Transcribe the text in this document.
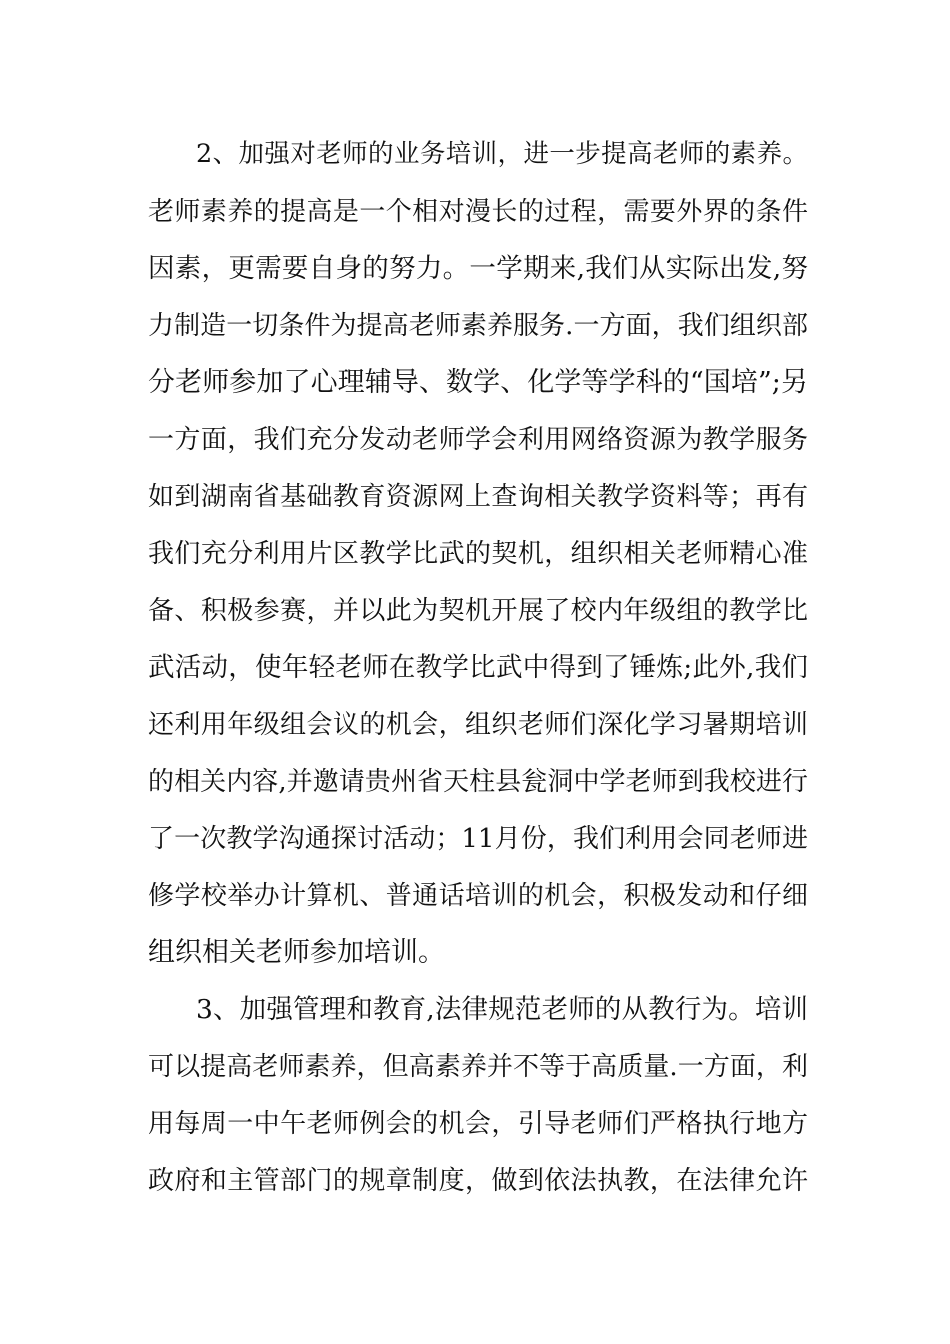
2、加强对老师的业务培训，进一步提高老师的素养。
老师素养的提高是一个相对漫长的过程，需要外界的条件
因素，更需要自身的努力。一学期来,我们从实际出发,努
力制造一切条件为提高老师素养服务.一方面，我们组织部
分老师参加了心理辅导、数学、化学等学科的“国培”;另
一方面，我们充分发动老师学会利用网络资源为教学服务
如到湖南省基础教育资源网上查询相关教学资料等；再有
我们充分利用片区教学比武的契机，组织相关老师精心准
备、积极参赛，并以此为契机开展了校内年级组的教学比
武活动，使年轻老师在教学比武中得到了锤炼;此外,我们
还利用年级组会议的机会，组织老师们深化学习暑期培训
的相关内容,并邀请贵州省天柱县瓮洞中学老师到我校进行
了一次教学沟通探讨活动；11月份，我们利用会同老师进
修学校举办计算机、普通话培训的机会，积极发动和仔细
组织相关老师参加培训。
3、加强管理和教育,法律规范老师的从教行为。培训
可以提高老师素养，但高素养并不等于高质量.一方面，利
用每周一中午老师例会的机会，引导老师们严格执行地方
政府和主管部门的规章制度，做到依法执教，在法律允许
